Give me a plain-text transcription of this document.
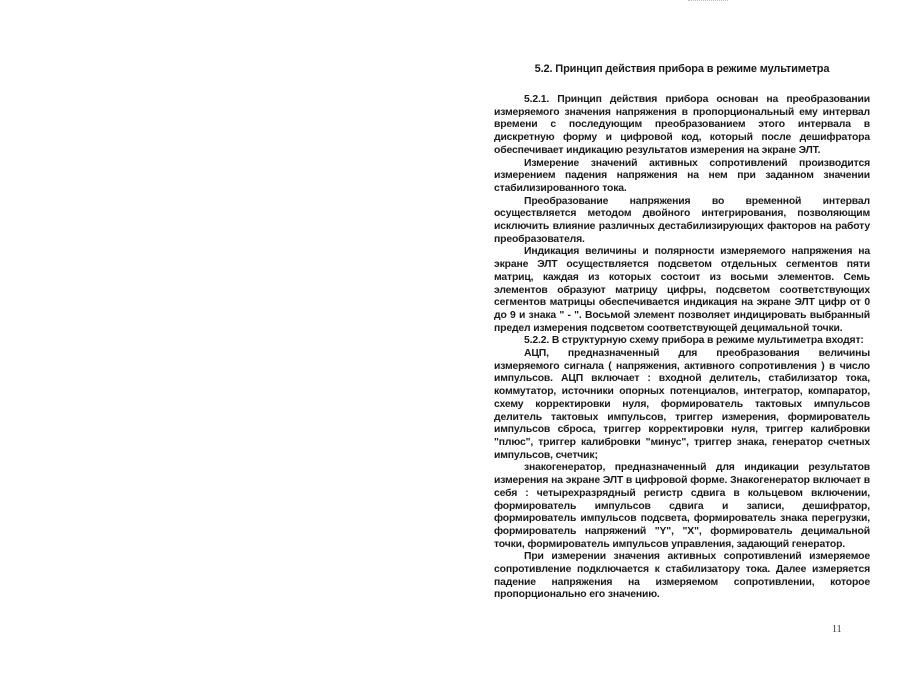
5.2. Принцип действия прибора в режиме мультиметра

5.2.1. Принцип действия прибора основан на преобразовании измеряемого значения напряжения в пропорциональный ему интервал времени с последующим преобразованием этого интервала в дискретную форму и цифровой код, который после дешифратора обеспечивает индикацию результатов измерения на экране ЭЛТ.

Измерение значений активных сопротивлений производится измерением падения напряжения на нем при заданном значении стабилизированного тока.

Преобразование напряжения во временной интервал осуществляется методом двойного интегрирования, позволяющим исключить влияние различных дестабилизирующих факторов на работу преобразователя.

Индикация величины и полярности измеряемого напряжения на экране ЭЛТ осуществляется подсветом отдельных сегментов пяти матриц, каждая из которых состоит из восьми элементов. Семь элементов образуют матрицу цифры, подсветом соответствующих сегментов матрицы обеспечивается индикация на экране ЭЛТ цифр от 0 до 9 и знака " - ". Восьмой элемент позволяет индицировать выбранный предел измерения подсветом соответствующей децимальной точки.

5.2.2. В структурную схему прибора в режиме мультиметра входят:

АЦП, предназначенный для преобразования величины измеряемого сигнала ( напряжения, активного сопротивления ) в число импульсов. АЦП включает : входной делитель, стабилизатор тока, коммутатор, источники опорных потенциалов, интегратор, компаратор, схему корректировки нуля, формирователь тактовых импульсов делитель тактовых импульсов, триггер измерения, формирователь импульсов сброса, триггер корректировки нуля, триггер калибровки "плюс", триггер калибровки "минус", триггер знака, генератор счетных импульсов, счетчик;

знакогенератор, предназначенный для индикации результатов измерения на экране ЭЛТ в цифровой форме. Знакогенератор включает в себя : четырехразрядный регистр сдвига в кольцевом включении, формирователь импульсов сдвига и записи, дешифратор, формирователь импульсов подсвета, формирователь знака перегрузки, формирователь напряжений "Y", "X", формирователь децимальной точки, формирователь импульсов управления, задающий генератор.

При измерении значения активных сопротивлений измеряемое сопротивление подключается к стабилизатору тока. Далее измеряется падение напряжения на измеряемом сопротивлении, которое пропорционально его значению.

11
